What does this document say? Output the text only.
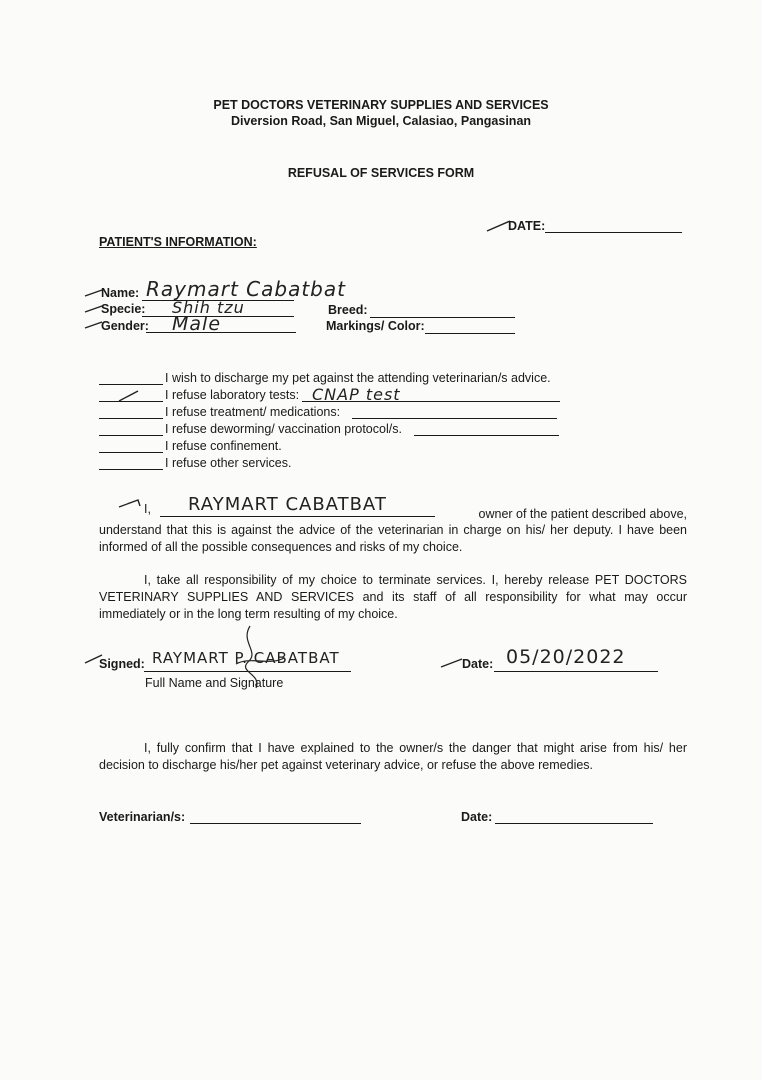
PET DOCTORS VETERINARY SUPPLIES AND SERVICES
Diversion Road, San Miguel, Calasiao, Pangasinan
REFUSAL OF SERVICES FORM
DATE:
PATIENT'S INFORMATION:
Name: Raymart Cabatbat
Specie: Shih tzu
Gender: Male
Breed:
Markings/ Color:
I wish to discharge my pet against the attending veterinarian/s advice.
I refuse laboratory tests: CNAP test
I refuse treatment/ medications:
I refuse deworming/ vaccination protocol/s.
I refuse confinement.
I refuse other services.
I, RAYMART CABATBAT	owner of the patient described above,
understand that this is against the advice of the veterinarian in charge on his/ her deputy. I have been informed of all the possible consequences and risks of my choice.
I, take all responsibility of my choice to terminate services. I, hereby release PET DOCTORS VETERINARY SUPPLIES AND SERVICES and its staff of all responsibility for what may occur immediately or in the long term resulting of my choice.
Signed: RAYMART P. CABATBAT
Full Name and Signature
Date: 05/20/2022
I, fully confirm that I have explained to the owner/s the danger that might arise from his/ her decision to discharge his/her pet against veterinary advice, or refuse the above remedies.
Veterinarian/s:	Date:
